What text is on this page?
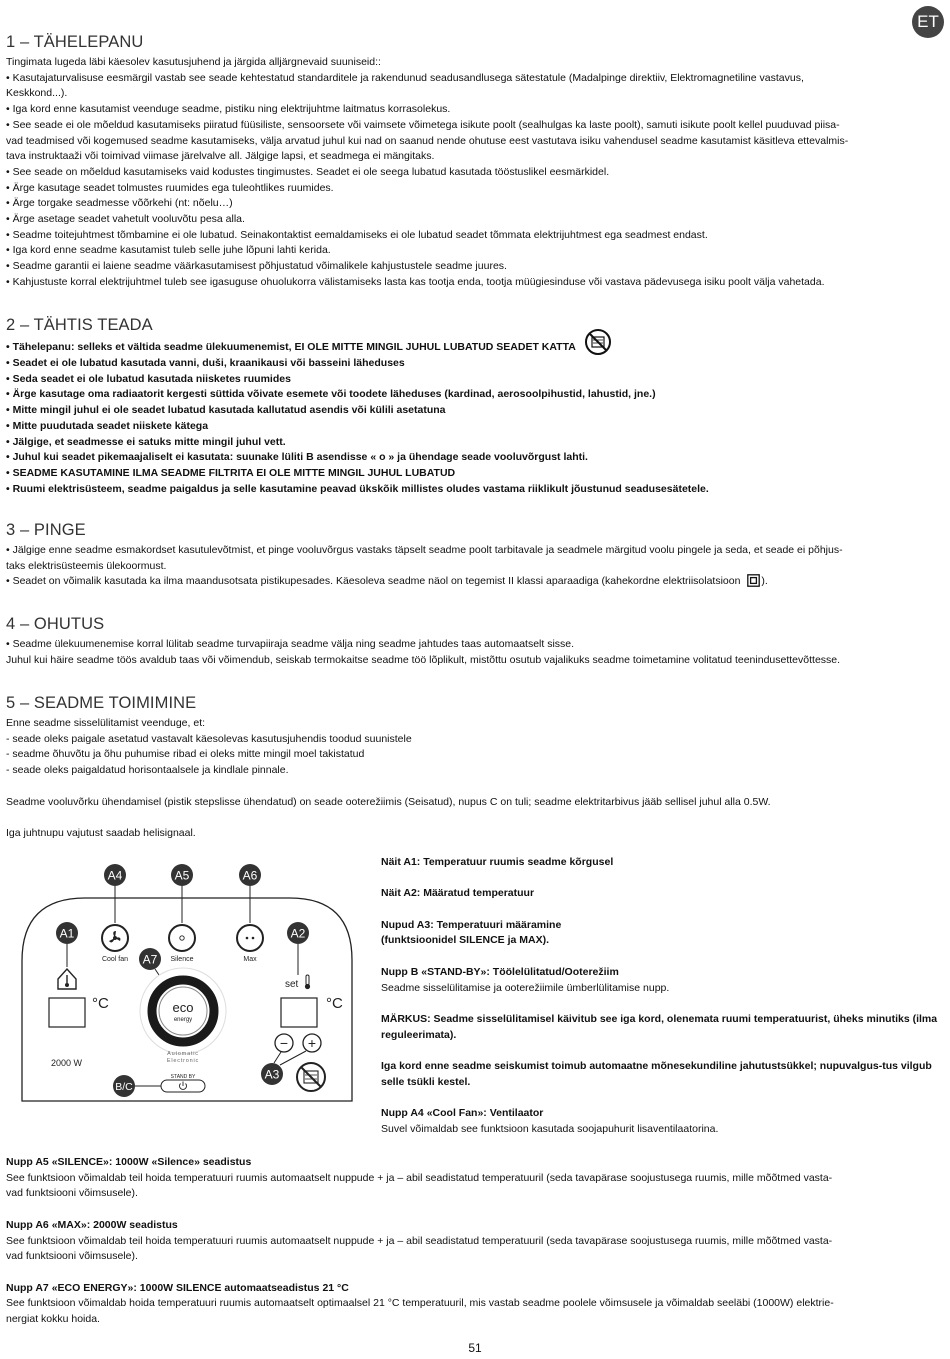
ET
1 – TÄHELEPANU

Tingimata lugeda läbi käesolev kasutusjuhend ja järgida alljärgnevaid suuniseid::

• Kasutajaturvalisuse eesmärgil vastab see seade kehtestatud standarditele ja rakendunud seadusandlusega sätestatule (Madalpinge direktiiv, Elektromagnetiline vastavus,

Keskkond...).

• Iga kord enne kasutamist veenduge seadme, pistiku ning elektrijuhtme laitmatus korrasolekus.

• See seade ei ole mõeldud kasutamiseks piiratud füüsiliste, sensoorsete või vaimsete võimetega isikute poolt (sealhulgas ka laste poolt), samuti isikute poolt kellel puuduvad piisa-

vad teadmised või kogemused seadme kasutamiseks, välja arvatud juhul kui nad on saanud nende ohutuse eest vastutava isiku vahendusel seadme kasutamist käsitleva ettevalmis-

tava instruktaaži või toimivad viimase järelvalve all. Jälgige lapsi, et seadmega ei mängitaks.

• See seade on mõeldud kasutamiseks vaid kodustes tingimustes. Seadet ei ole seega lubatud kasutada tööstuslikel eesmärkidel.

• Ärge kasutage seadet tolmustes ruumides ega tuleohtlikes ruumides.

• Ärge torgake seadmesse võõrkehi (nt: nõelu…)

• Ärge asetage seadet vahetult vooluvõtu pesa alla.

• Seadme toitejuhtmest tõmbamine ei ole lubatud. Seinakontaktist eemaldamiseks ei ole lubatud seadet tõmmata elektrijuhtmest ega seadmest endast.

• Iga kord enne seadme kasutamist tuleb selle juhe lõpuni lahti kerida.

• Seadme garantii ei laiene seadme väärkasutamisest põhjustatud võimalikele kahjustustele seadme juures.

• Kahjustuste korral elektrijuhtmel tuleb see igasuguse ohuolukorra välistamiseks lasta kas tootja enda, tootja müügiesinduse või vastava pädevusega isiku poolt välja vahetada.

2 – TÄHTIS TEADA

• Tähelepanu: selleks et vältida seadme ülekuumenemist, EI OLE MITTE MINGIL JUHUL LUBATUD SEADET KATTA

• Seadet ei ole lubatud kasutada vanni, duši, kraanikausi või basseini läheduses

• Seda seadet ei ole lubatud kasutada niisketes ruumides

• Ärge kasutage oma radiaatorit kergesti süttida võivate esemete või toodete läheduses (kardinad, aerosoolpihustid, lahustid, jne.)

• Mitte mingil juhul ei ole seadet lubatud kasutada kallutatud asendis või külili asetatuna

• Mitte puudutada seadet niiskete kätega

• Jälgige, et seadmesse ei satuks mitte mingil juhul vett.

• Juhul kui seadet pikemaajaliselt ei kasutata: suunake lüliti B asendisse « o » ja ühendage seade vooluvõrgust lahti.

• SEADME KASUTAMINE ILMA SEADME FILTRITA EI OLE MITTE MINGIL JUHUL LUBATUD

• Ruumi elektrisüsteem, seadme paigaldus ja selle kasutamine peavad ükskõik millistes oludes vastama riiklikult jõustunud seadusesätetele.

3 – PINGE

• Jälgige enne seadme esmakordset kasutulevõtmist, et pinge vooluvõrgus vastaks täpselt seadme poolt tarbitavale ja seadmele märgitud voolu pingele ja seda, et seade ei põhjus-

taks elektrisüsteemis ülekoormust.

• Seadet on võimalik kasutada ka ilma maandusotsata pistikupesades. Käesoleva seadme näol on tegemist II klassi aparaadiga (kahekordne elektriisolatsioon ).

4 – OHUTUS

• Seadme ülekuumenemise korral lülitab seadme turvapiiraja seadme välja ning seadme jahtudes taas automaatselt sisse.

Juhul kui häire seadme töös avaldub taas või võimendub, seiskab termokaitse seadme töö lõplikult, mistõttu osutub vajalikuks seadme toimetamine volitatud teenindusettevõttesse.

5 – SEADME TOIMIMINE

Enne seadme sisselülitamist veenduge, et:

- seade oleks paigale asetatud vastavalt käesolevas kasutusjuhendis toodud suunistele

- seadme õhuvõtu ja õhu puhumise ribad ei oleks mitte mingil moel takistatud

- seade oleks paigaldatud horisontaalsele ja kindlale pinnale.

Seadme vooluvõrku ühendamisel (pistik stepslisse ühendatud) on seade ooterežiimis (Seisatud), nupus C on tuli; seadme elektritarbivus jääb sellisel juhul alla 0.5W.

Iga juhtnupu vajutust saadab helisignaal.

A4	A5	A6
Cool fan	Silence	Max
A1	A2
set
°C	°C
A7
eco
energy
Automatic
Electronic
2000 W
− +
A3
B/C
STAND BY

Näit A1: Temperatuur ruumis seadme kõrgusel

Näit A2: Määratud temperatuur

Nupud A3: Temperatuuri määramine
(funktsioonidel SILENCE ja MAX).

Nupp B «STAND-BY»: Töölelülitatud/Ooterežiim
Seadme sisselülitamise ja ooterežiimile ümberlülitamise nupp.

MÄRKUS: Seadme sisselülitamisel käivitub see iga kord, olenemata ruumi temperatuurist, üheks minutiks (ilma reguleerimata).

Iga kord enne seadme seiskumist toimub automaatne mõnesekundiline jahutustsükkel; nupuvalgus-tus vilgub selle tsükli kestel.

Nupp A4 «Cool Fan»: Ventilaator
Suvel võimaldab see funktsioon kasutada soojapuhurit lisaventilaatorina.

Nupp A5 «SILENCE»: 1000W «Silence» seadistus
See funktsioon võimaldab teil hoida temperatuuri ruumis automaatselt nuppude + ja – abil seadistatud temperatuuril (seda tavapärase soojustusega ruumis, mille mõõtmed vasta-
vad funktsiooni võimsusele).

Nupp A6 «MAX»: 2000W seadistus
See funktsioon võimaldab teil hoida temperatuuri ruumis automaatselt nuppude + ja – abil seadistatud temperatuuril (seda tavapärase soojustusega ruumis, mille mõõtmed vasta-
vad funktsiooni võimsusele).

Nupp A7 «ECO ENERGY»: 1000W SILENCE automaatseadistus 21 °C
See funktsioon võimaldab hoida temperatuuri ruumis automaatselt optimaalsel 21 °C temperatuuril, mis vastab seadme poolele võimsusele ja võimaldab seeläbi (1000W) elektrie-
nergiat kokku hoida.

51
